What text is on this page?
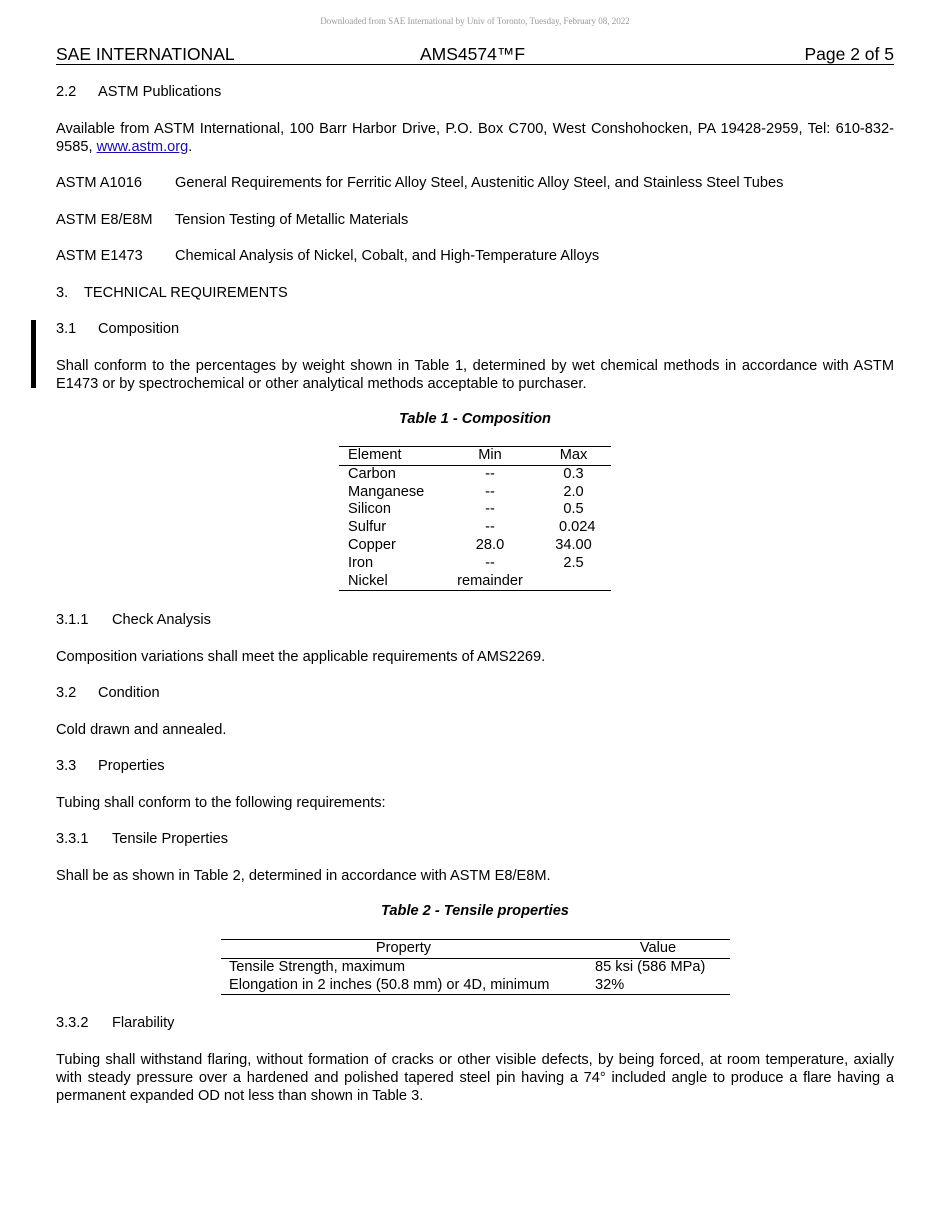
Downloaded from SAE International by Univ of Toronto, Tuesday, February 08, 2022
SAE INTERNATIONAL	AMS4574™F	Page 2 of 5
2.2 ASTM Publications
Available from ASTM International, 100 Barr Harbor Drive, P.O. Box C700, West Conshohocken, PA 19428-2959, Tel: 610-832-9585, www.astm.org.
ASTM A1016 General Requirements for Ferritic Alloy Steel, Austenitic Alloy Steel, and Stainless Steel Tubes
ASTM E8/E8M Tension Testing of Metallic Materials
ASTM E1473 Chemical Analysis of Nickel, Cobalt, and High-Temperature Alloys
3. TECHNICAL REQUIREMENTS
3.1 Composition
Shall conform to the percentages by weight shown in Table 1, determined by wet chemical methods in accordance with ASTM E1473 or by spectrochemical or other analytical methods acceptable to purchaser.
Table 1 - Composition
Element	Min	Max
Carbon	--	0.3
Manganese	--	2.0
Silicon	--	0.5
Sulfur	--	0.024
Copper	28.0	34.00
Iron	--	2.5
Nickel	remainder	
3.1.1 Check Analysis
Composition variations shall meet the applicable requirements of AMS2269.
3.2 Condition
Cold drawn and annealed.
3.3 Properties
Tubing shall conform to the following requirements:
3.3.1 Tensile Properties
Shall be as shown in Table 2, determined in accordance with ASTM E8/E8M.
Table 2 - Tensile properties
Property	Value
Tensile Strength, maximum	85 ksi (586 MPa)
Elongation in 2 inches (50.8 mm) or 4D, minimum	32%
3.3.2 Flarability
Tubing shall withstand flaring, without formation of cracks or other visible defects, by being forced, at room temperature, axially with steady pressure over a hardened and polished tapered steel pin having a 74° included angle to produce a flare having a permanent expanded OD not less than shown in Table 3.
